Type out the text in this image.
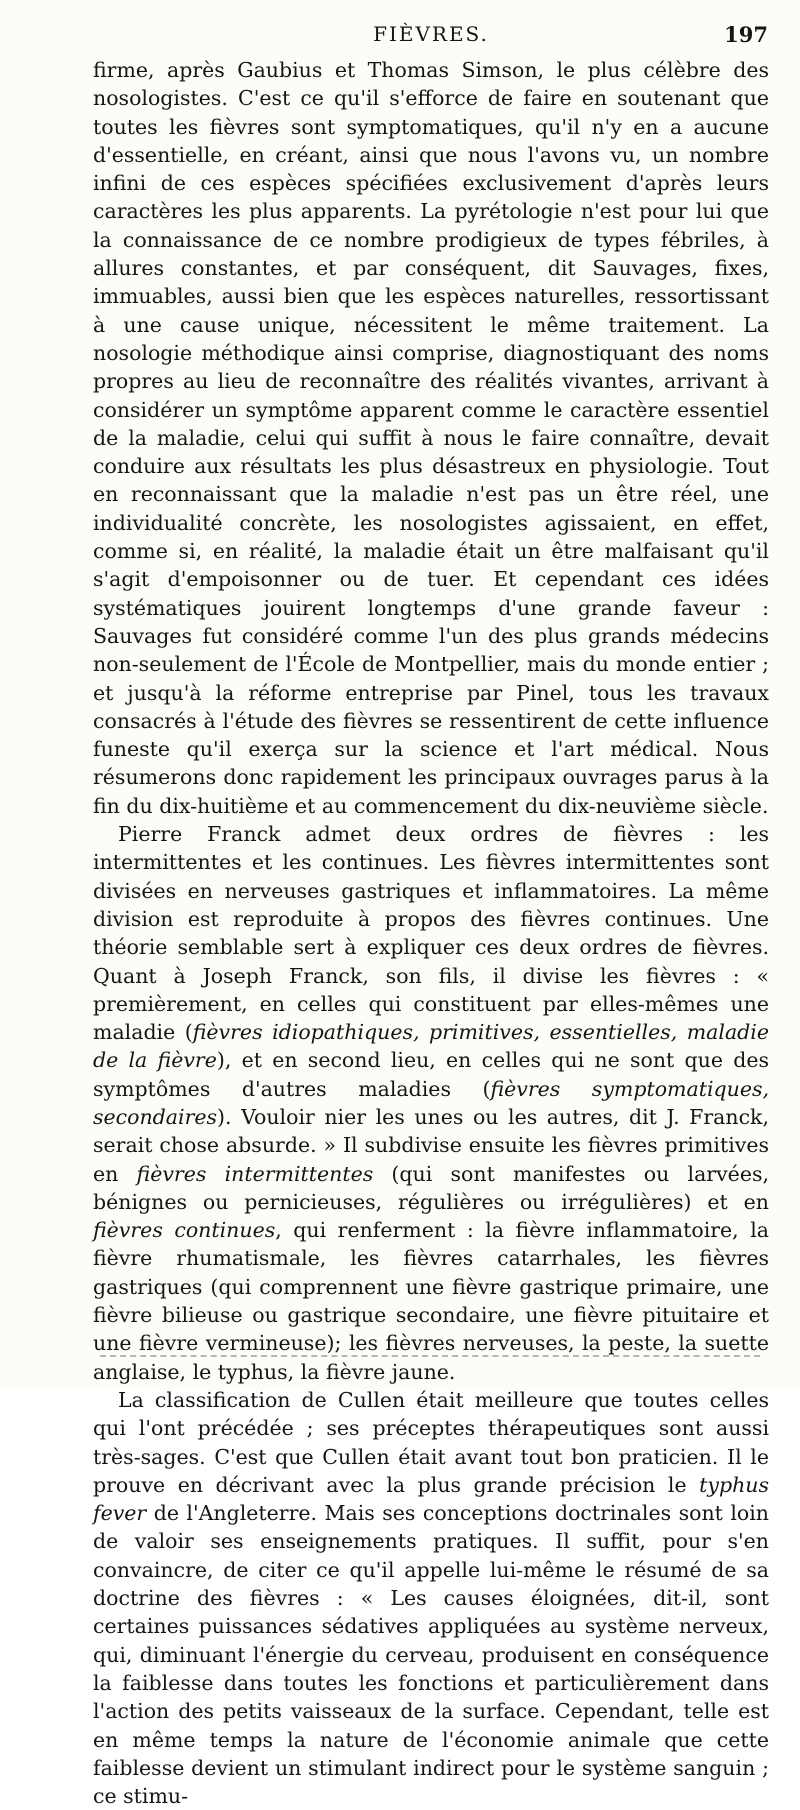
FIÈVRES.	197

firme, après Gaubius et Thomas Simson, le plus célèbre des nosologistes. C'est ce qu'il s'efforce de faire en soutenant que toutes les fièvres sont symptomatiques, qu'il n'y en a aucune d'essentielle, en créant, ainsi que nous l'avons vu, un nombre infini de ces espèces spécifiées exclusivement d'après leurs caractères les plus apparents. La pyrétologie n'est pour lui que la connaissance de ce nombre prodigieux de types fébriles, à allures constantes, et par conséquent, dit Sauvages, fixes, immuables, aussi bien que les espèces naturelles, ressortissant à une cause unique, nécessitent le même traitement. La nosologie méthodique ainsi comprise, diagnostiquant des noms propres au lieu de reconnaître des réalités vivantes, arrivant à considérer un symptôme apparent comme le caractère essentiel de la maladie, celui qui suffit à nous le faire connaître, devait conduire aux résultats les plus désastreux en physiologie. Tout en reconnaissant que la maladie n'est pas un être réel, une individualité concrète, les nosologistes agissaient, en effet, comme si, en réalité, la maladie était un être malfaisant qu'il s'agit d'empoisonner ou de tuer. Et cependant ces idées systématiques jouirent longtemps d'une grande faveur : Sauvages fut considéré comme l'un des plus grands médecins non-seulement de l'École de Montpellier, mais du monde entier ; et jusqu'à la réforme entreprise par Pinel, tous les travaux consacrés à l'étude des fièvres se ressentirent de cette influence funeste qu'il exerça sur la science et l'art médical. Nous résumerons donc rapidement les principaux ouvrages parus à la fin du dix-huitième et au commencement du dix-neuvième siècle.

Pierre Franck admet deux ordres de fièvres : les intermittentes et les continues. Les fièvres intermittentes sont divisées en nerveuses gastriques et inflammatoires. La même division est reproduite à propos des fièvres continues. Une théorie semblable sert à expliquer ces deux ordres de fièvres. Quant à Joseph Franck, son fils, il divise les fièvres : « premièrement, en celles qui constituent par elles-mêmes une maladie (fièvres idiopathiques, primitives, essentielles, maladie de la fièvre), et en second lieu, en celles qui ne sont que des symptômes d'autres maladies (fièvres symptomatiques, secondaires). Vouloir nier les unes ou les autres, dit J. Franck, serait chose absurde. » Il subdivise ensuite les fièvres primitives en fièvres intermittentes (qui sont manifestes ou larvées, bénignes ou pernicieuses, régulières ou irrégulières) et en fièvres continues, qui renferment : la fièvre inflammatoire, la fièvre rhumatismale, les fièvres catarrhales, les fièvres gastriques (qui comprennent une fièvre gastrique primaire, une fièvre bilieuse ou gastrique secondaire, une fièvre pituitaire et une fièvre vermineuse); les fièvres nerveuses, la peste, la suette anglaise, le typhus, la fièvre jaune.

La classification de Cullen était meilleure que toutes celles qui l'ont précédée ; ses préceptes thérapeutiques sont aussi très-sages. C'est que Cullen était avant tout bon praticien. Il le prouve en décrivant avec la plus grande précision le typhus fever de l'Angleterre. Mais ses conceptions doctrinales sont loin de valoir ses enseignements pratiques. Il suffit, pour s'en convaincre, de citer ce qu'il appelle lui-même le résumé de sa doctrine des fièvres : « Les causes éloignées, dit-il, sont certaines puissances sédatives appliquées au système nerveux, qui, diminuant l'énergie du cerveau, produisent en conséquence la faiblesse dans toutes les fonctions et particulièrement dans l'action des petits vaisseaux de la surface. Cependant, telle est en même temps la nature de l'économie animale que cette faiblesse devient un stimulant indirect pour le système sanguin ; ce stimu-
